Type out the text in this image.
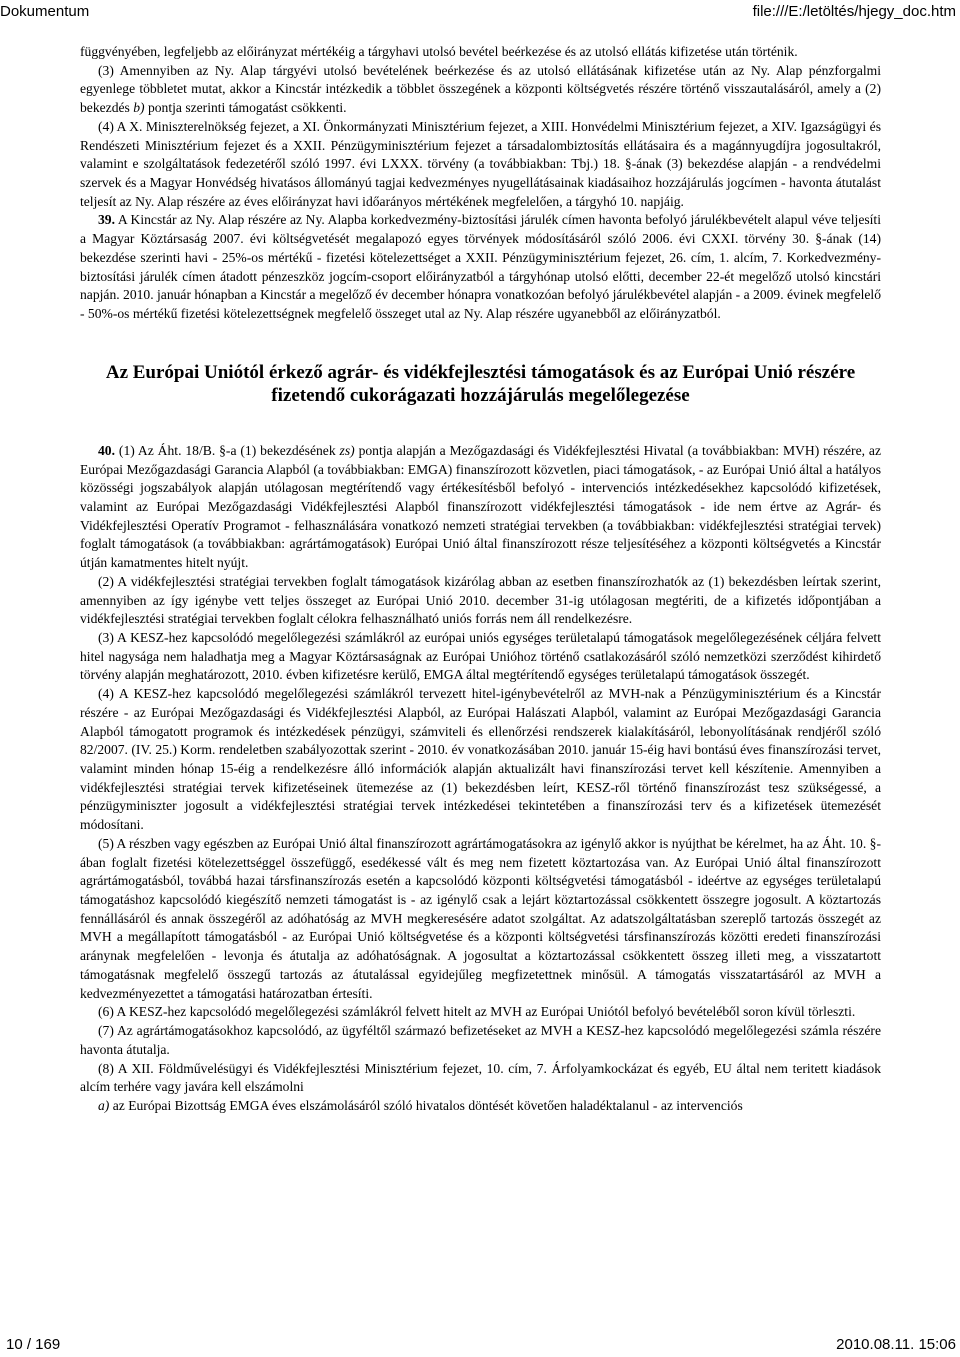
Dokumentum	file:///E:/letöltés/hjegy_doc.htm

függvényében, legfeljebb az előirányzat mértékéig a tárgyhavi utolsó bevétel beérkezése és az utolsó ellátás kifizetése után történik.

(3) Amennyiben az Ny. Alap tárgyévi utolsó bevételének beérkezése és az utolsó ellátásának kifizetése után az Ny. Alap pénzforgalmi egyenlege többletet mutat, akkor a Kincstár intézkedik a többlet összegének a központi költségvetés részére történő visszautalásáról, amely a (2) bekezdés b) pontja szerinti támogatást csökkenti.

(4) A X. Miniszterelnökség fejezet, a XI. Önkormányzati Minisztérium fejezet, a XIII. Honvédelmi Minisztérium fejezet, a XIV. Igazságügyi és Rendészeti Minisztérium fejezet és a XXII. Pénzügyminisztérium fejezet a társadalombiztosítás ellátásaira és a magánnyugdíjra jogosultakról, valamint e szolgáltatások fedezetéről szóló 1997. évi LXXX. törvény (a továbbiakban: Tbj.) 18. §-ának (3) bekezdése alapján - a rendvédelmi szervek és a Magyar Honvédség hivatásos állományú tagjai kedvezményes nyugellátásainak kiadásaihoz hozzájárulás jogcímen - havonta átutalást teljesít az Ny. Alap részére az éves előirányzat havi időarányos mértékének megfelelően, a tárgyhó 10. napjáig.

39. A Kincstár az Ny. Alap részére az Ny. Alapba korkedvezmény-biztosítási járulék címen havonta befolyó járulékbevételt alapul véve teljesíti a Magyar Köztársaság 2007. évi költségvetését megalapozó egyes törvények módosításáról szóló 2006. évi CXXI. törvény 30. §-ának (14) bekezdése szerinti havi - 25%-os mértékű - fizetési kötelezettséget a XXII. Pénzügyminisztérium fejezet, 26. cím, 1. alcím, 7. Korkedvezmény-biztosítási járulék címen átadott pénzeszköz jogcím-csoport előirányzatból a tárgyhónap utolsó előtti, december 22-ét megelőző utolsó kincstári napján. 2010. január hónapban a Kincstár a megelőző év december hónapra vonatkozóan befolyó járulékbevétel alapján - a 2009. évinek megfelelő - 50%-os mértékű fizetési kötelezettségnek megfelelő összeget utal az Ny. Alap részére ugyanebből az előirányzatból.

Az Európai Uniótól érkező agrár- és vidékfejlesztési támogatások és az Európai Unió részére fizetendő cukorágazati hozzájárulás megelőlegezése

40. (1) Az Áht. 18/B. §-a (1) bekezdésének zs) pontja alapján a Mezőgazdasági és Vidékfejlesztési Hivatal (a továbbiakban: MVH) részére, az Európai Mezőgazdasági Garancia Alapból (a továbbiakban: EMGA) finanszírozott közvetlen, piaci támogatások, - az Európai Unió által a hatályos közösségi jogszabályok alapján utólagosan megtérítendő vagy értékesítésből befolyó - intervenciós intézkedésekhez kapcsolódó kifizetések, valamint az Európai Mezőgazdasági Vidékfejlesztési Alapból finanszírozott vidékfejlesztési támogatások - ide nem értve az Agrár- és Vidékfejlesztési Operatív Programot - felhasználására vonatkozó nemzeti stratégiai tervekben (a továbbiakban: vidékfejlesztési stratégiai tervek) foglalt támogatások (a továbbiakban: agrártámogatások) Európai Unió által finanszírozott része teljesítéséhez a központi költségvetés a Kincstár útján kamatmentes hitelt nyújt.

(2) A vidékfejlesztési stratégiai tervekben foglalt támogatások kizárólag abban az esetben finanszírozhatók az (1) bekezdésben leírtak szerint, amennyiben az így igénybe vett teljes összeget az Európai Unió 2010. december 31-ig utólagosan megtériti, de a kifizetés időpontjában a vidékfejlesztési stratégiai tervekben foglalt célokra felhasználható uniós forrás nem áll rendelkezésre.

(3) A KESZ-hez kapcsolódó megelőlegezési számlákról az európai uniós egységes területalapú támogatások megelőlegezésének céljára felvett hitel nagysága nem haladhatja meg a Magyar Köztársaságnak az Európai Unióhoz történő csatlakozásáról szóló nemzetközi szerződést kihirdető törvény alapján meghatározott, 2010. évben kifizetésre kerülő, EMGA által megtérítendő egységes területalapú támogatások összegét.

(4) A KESZ-hez kapcsolódó megelőlegezési számlákról tervezett hitel-igénybevételről az MVH-nak a Pénzügyminisztérium és a Kincstár részére - az Európai Mezőgazdasági és Vidékfejlesztési Alapból, az Európai Halászati Alapból, valamint az Európai Mezőgazdasági Garancia Alapból támogatott programok és intézkedések pénzügyi, számviteli és ellenőrzési rendszerek kialakításáról, lebonyolításának rendjéről szóló 82/2007. (IV. 25.) Korm. rendeletben szabályozottak szerint - 2010. év vonatkozásában 2010. január 15-éig havi bontású éves finanszírozási tervet, valamint minden hónap 15-éig a rendelkezésre álló információk alapján aktualizált havi finanszírozási tervet kell készítenie. Amennyiben a vidékfejlesztési stratégiai tervek kifizetéseinek ütemezése az (1) bekezdésben leírt, KESZ-ről történő finanszírozást tesz szükségessé, a pénzügyminiszter jogosult a vidékfejlesztési stratégiai tervek intézkedései tekintetében a finanszírozási terv és a kifizetések ütemezését módosítani.

(5) A részben vagy egészben az Európai Unió által finanszírozott agrártámogatásokra az igénylő akkor is nyújthat be kérelmet, ha az Áht. 10. §-ában foglalt fizetési kötelezettséggel összefüggő, esedékessé vált és meg nem fizetett köztartozása van. Az Európai Unió által finanszírozott agrártámogatásból, továbbá hazai társfinanszírozás esetén a kapcsolódó központi költségvetési támogatásból - ideértve az egységes területalapú támogatáshoz kapcsolódó kiegészítő nemzeti támogatást is - az igénylő csak a lejárt köztartozással csökkentett összegre jogosult. A köztartozás fennállásáról és annak összegéről az adóhatóság az MVH megkeresésére adatot szolgáltat. Az adatszolgáltatásban szereplő tartozás összegét az MVH a megállapított támogatásból - az Európai Unió költségvetése és a központi költségvetési társfinanszírozás közötti eredeti finanszírozási aránynak megfelelően - levonja és átutalja az adóhatóságnak. A jogosultat a köztartozással csökkentett összeg illeti meg, a visszatartott támogatásnak megfelelő összegű tartozás az átutalással egyidejűleg megfizetettnek minősül. A támogatás visszatartásáról az MVH a kedvezményezettet a támogatási határozatban értesíti.

(6) A KESZ-hez kapcsolódó megelőlegezési számlákról felvett hitelt az MVH az Európai Uniótól befolyó bevételéből soron kívül törleszti.

(7) Az agrártámogatásokhoz kapcsolódó, az ügyféltől származó befizetéseket az MVH a KESZ-hez kapcsolódó megelőlegezési számla részére havonta átutalja.

(8) A XII. Földművelésügyi és Vidékfejlesztési Minisztérium fejezet, 10. cím, 7. Árfolyamkockázat és egyéb, EU által nem teritett kiadások alcím terhére vagy javára kell elszámolni

a) az Európai Bizottság EMGA éves elszámolásáról szóló hivatalos döntését követően haladéktalanul - az intervenciós

10 / 169	2010.08.11. 15:06
